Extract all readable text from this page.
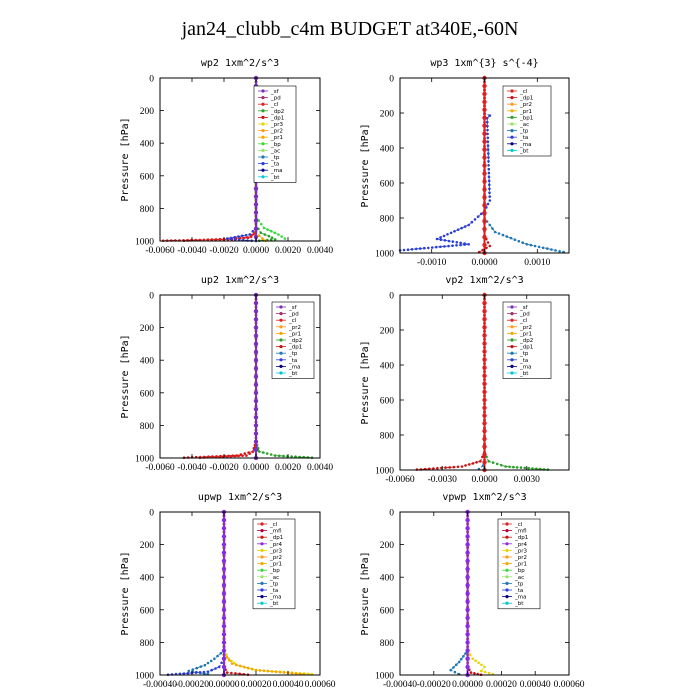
jan24_clubb_c4m BUDGET at340E,-60N
wp2 1xm^2/s^3
Pressure [hPa]
0
200
400
600
800
1000
-0.0060 -0.0040 -0.0020 0.0000 0.0020 0.0040
_sf
_pd
_cl
_dp2
_dp1
_pr3
_pr2
_pr1
_bp
_ac
_tp
_ta
_ma
_bt
wp3 1xm^{3} s^{-4}
Pressure [hPa]
0
200
400
600
800
1000
-0.0010	0.0000	0.0010
_cl
_dp1
_pr2
_pr1
_bp1
_ac
_tp
_ta
_ma
_bt
up2 1xm^2/s^3
Pressure [hPa]
0
200
400
600
800
1000
-0.0060 -0.0040 -0.0020 0.0000 0.0020 0.0040
_sf
_pd
_cl
_pr2
_pr1
_dp2
_dp1
_tp
_ta
_ma
_bt
vp2 1xm^2/s^3
Pressure [hPa]
0
200
400
600
800
1000
-0.0060 -0.0030 0.0000 0.0030
_sf
_pd
_cl
_pr2
_pr1
_dp2
_dp1
_tp
_ta
_ma
_bt
upwp 1xm^2/s^3
Pressure [hPa]
0
200
400
600
800
1000
-0.00040
-0.00020 0.00000 0.00020 0.00040 0.00060
_cl
_mfl
_dp1
_pr4
_pr3
_pr2
_pr1
_bp
_ac
_tp
_ta
_ma
_bt
vpwp 1xm^2/s^3
Pressure [hPa]
0
200
400
600
800
1000
-0.00040 -0.00020 0.00000 0.00020 0.00040 0.00060
_cl
_mfl
_dp1
_pr4
_pr3
_pr2
_pr1
_bp
_ac
_tp
_ta
_ma
_bt
